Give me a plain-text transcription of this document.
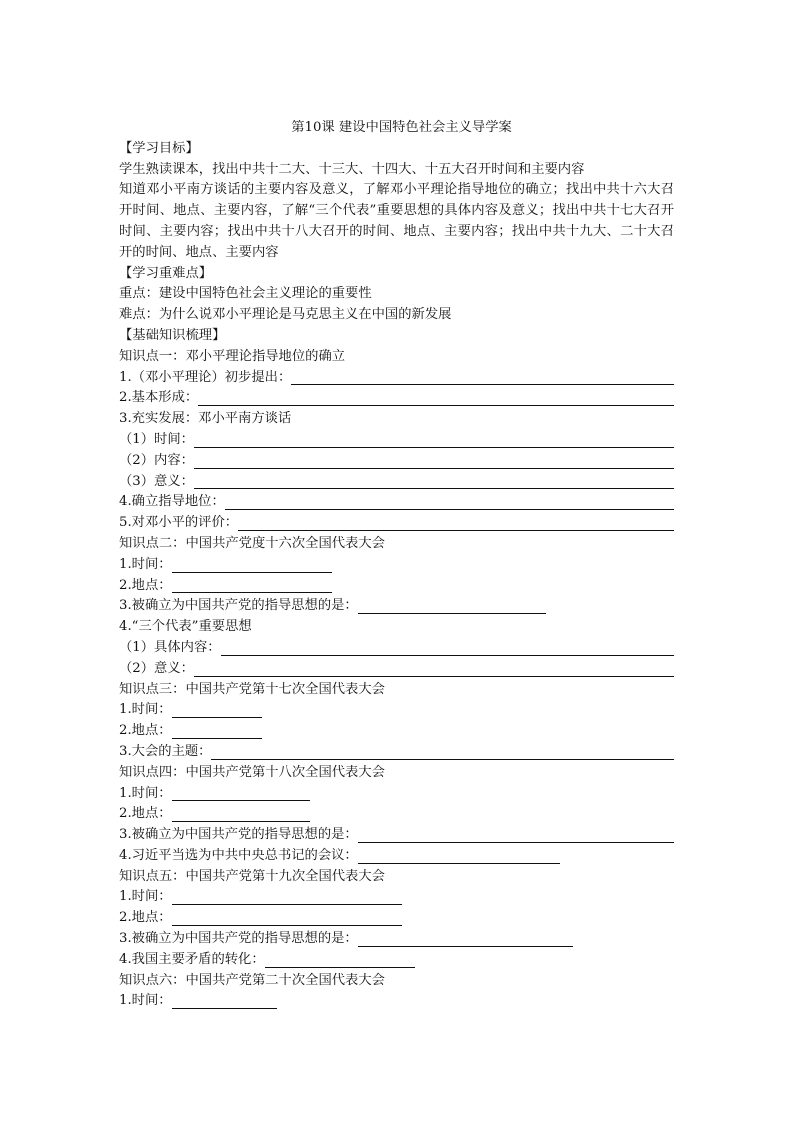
第10课 建设中国特色社会主义导学案
【学习目标】
学生熟读课本，找出中共十二大、十三大、十四大、十五大召开时间和主要内容
知道邓小平南方谈话的主要内容及意义，了解邓小平理论指导地位的确立；找出中共十六大召开时间、地点、主要内容，了解“三个代表”重要思想的具体内容及意义；找出中共十七大召开时间、主要内容；找出中共十八大召开的时间、地点、主要内容；找出中共十九大、二十大召开的时间、地点、主要内容
【学习重难点】
重点：建设中国特色社会主义理论的重要性
难点：为什么说邓小平理论是马克思主义在中国的新发展
【基础知识梳理】
知识点一：邓小平理论指导地位的确立
1.（邓小平理论）初步提出：
2.基本形成：
3.充实发展：邓小平南方谈话
（1）时间：
（2）内容：
（3）意义：
4.确立指导地位：
5.对邓小平的评价：
知识点二：中国共产党度十六次全国代表大会
1.时间：
2.地点：
3.被确立为中国共产党的指导思想的是：
4.“三个代表”重要思想
（1）具体内容：
（2）意义：
知识点三：中国共产党第十七次全国代表大会
1.时间：
2.地点：
3.大会的主题：
知识点四：中国共产党第十八次全国代表大会
1.时间：
2.地点：
3.被确立为中国共产党的指导思想的是：
4.习近平当选为中共中央总书记的会议：
知识点五：中国共产党第十九次全国代表大会
1.时间：
2.地点：
3.被确立为中国共产党的指导思想的是：
4.我国主要矛盾的转化：
知识点六：中国共产党第二十次全国代表大会
1.时间：
